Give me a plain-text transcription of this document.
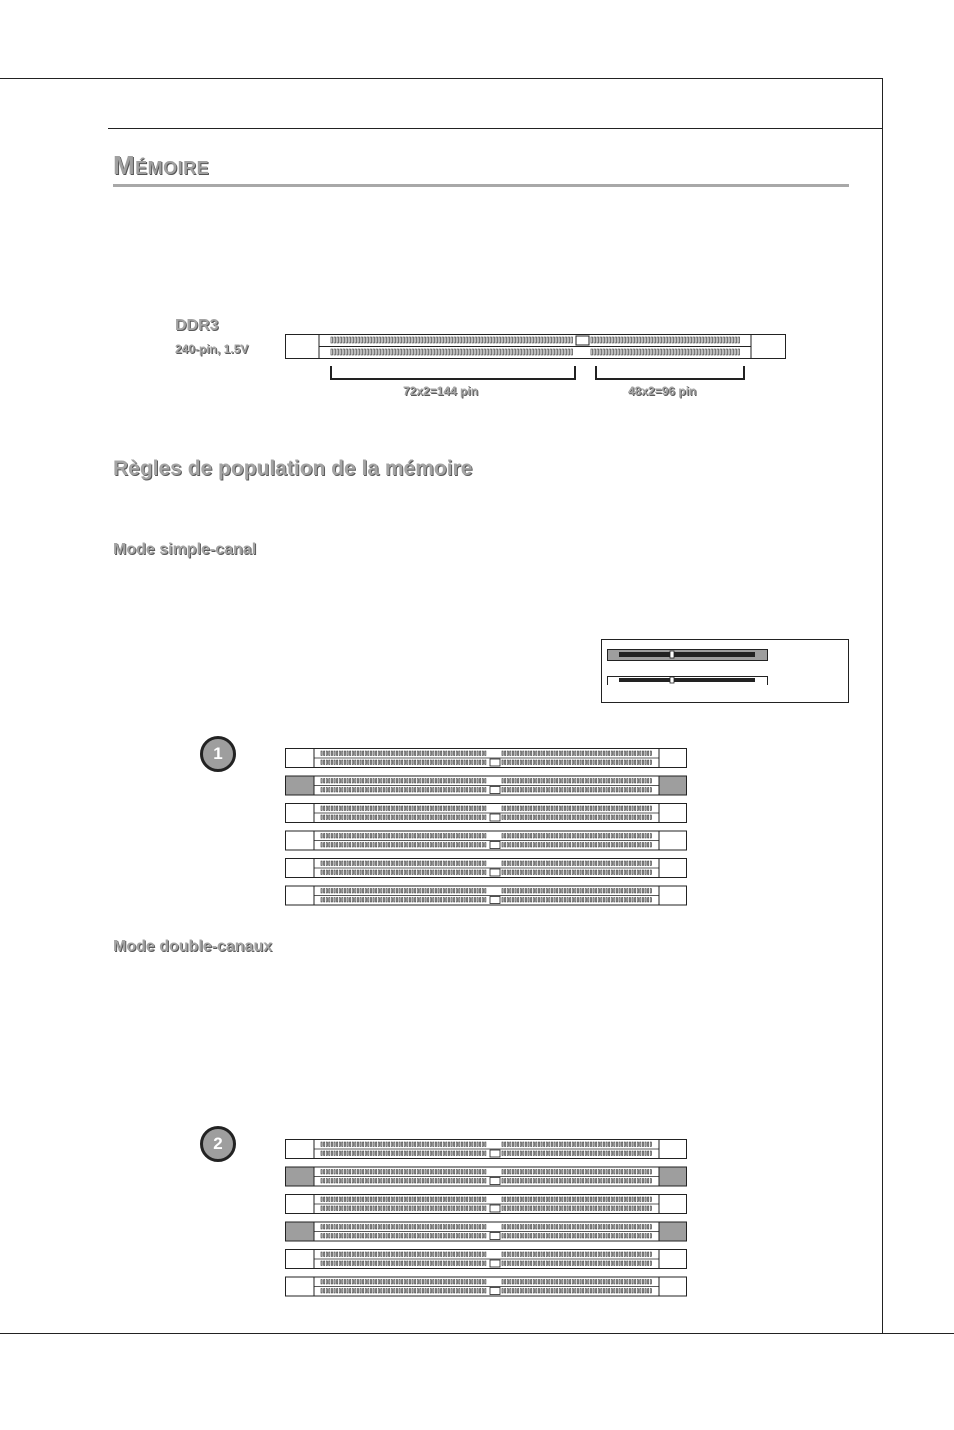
Mémoire
DDR3
240-pin, 1.5V
72x2=144 pin	48x2=96 pin
Règles de population de la mémoire
Mode simple-canal
1
Mode double-canaux
2
